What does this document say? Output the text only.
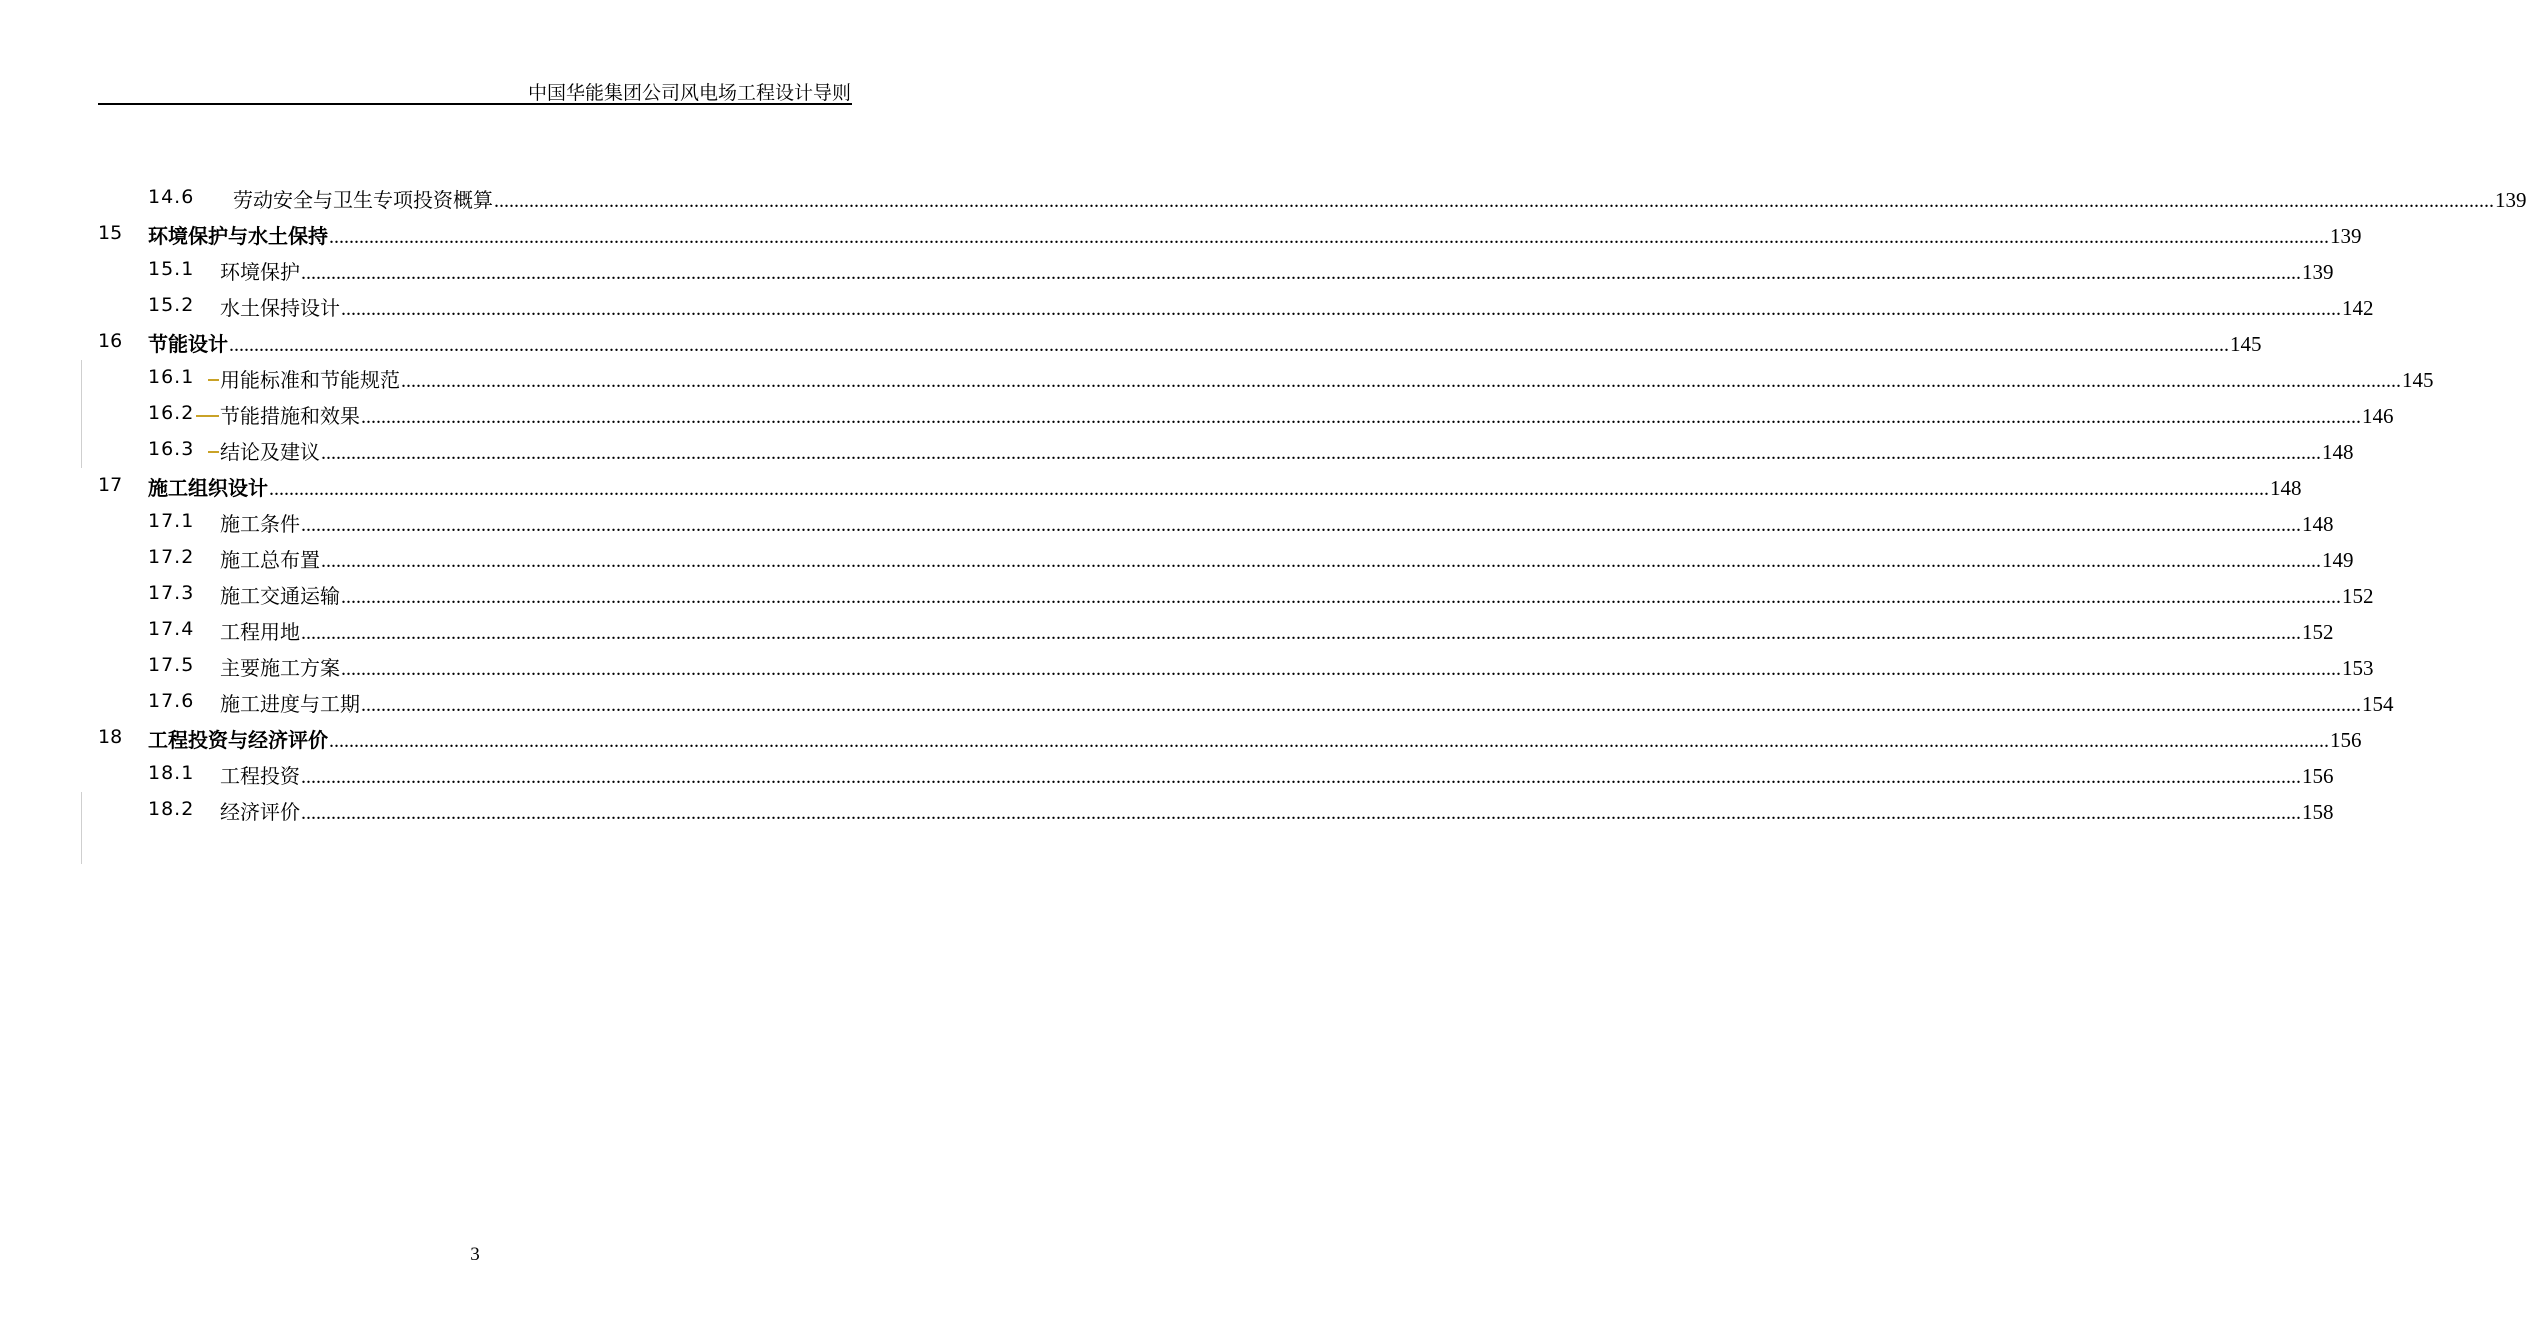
中国华能集团公司风电场工程设计导则
14.6 劳动安全与卫生专项投资概算 ................................................................................................................................................................................................................................................................................................................................................................................................................ 139
15 环境保护与水土保持 ................................................................................................................................................................................................................................................................................................................................................................................................................ 139
15.1 环境保护 ................................................................................................................................................................................................................................................................................................................................................................................................................ 139
15.2 水土保持设计 ................................................................................................................................................................................................................................................................................................................................................................................................................ 142
16 节能设计 ................................................................................................................................................................................................................................................................................................................................................................................................................ 145
16.1 用能标准和节能规范 ................................................................................................................................................................................................................................................................................................................................................................................................................ 145
16.2 节能措施和效果 ................................................................................................................................................................................................................................................................................................................................................................................................................ 146
16.3 结论及建议 ................................................................................................................................................................................................................................................................................................................................................................................................................ 148
17 施工组织设计 ................................................................................................................................................................................................................................................................................................................................................................................................................ 148
17.1 施工条件 ................................................................................................................................................................................................................................................................................................................................................................................................................ 148
17.2 施工总布置 ................................................................................................................................................................................................................................................................................................................................................................................................................ 149
17.3 施工交通运输 ................................................................................................................................................................................................................................................................................................................................................................................................................ 152
17.4 工程用地 ................................................................................................................................................................................................................................................................................................................................................................................................................ 152
17.5 主要施工方案 ................................................................................................................................................................................................................................................................................................................................................................................................................ 153
17.6 施工进度与工期 ................................................................................................................................................................................................................................................................................................................................................................................................................ 154
18 工程投资与经济评价 ................................................................................................................................................................................................................................................................................................................................................................................................................ 156
18.1 工程投资 ................................................................................................................................................................................................................................................................................................................................................................................................................ 156
18.2 经济评价 ................................................................................................................................................................................................................................................................................................................................................................................................................ 158
3
